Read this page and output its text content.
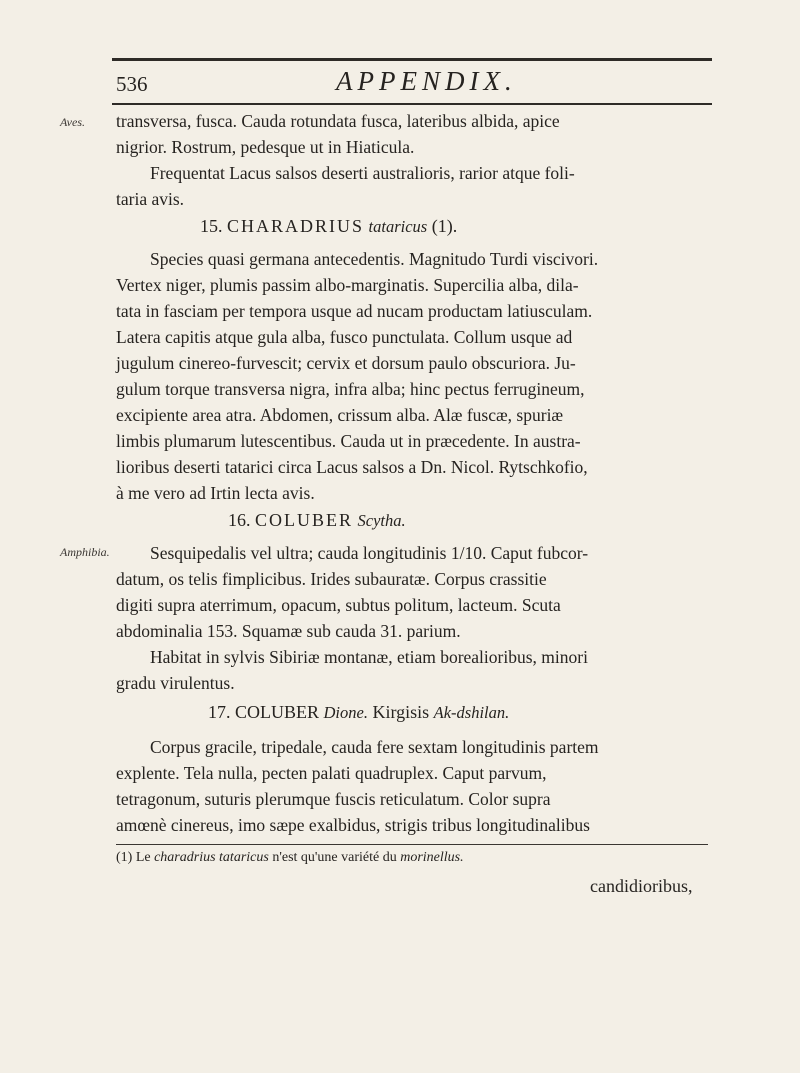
536	APPENDIX.
Aves.
Amphibia.
transversa, fusca. Cauda rotundata fusca, lateribus albida, apice
nigrior. Rostrum, pedesque ut in Hiaticula.
Frequentat Lacus salsos deserti australioris, rarior atque foli-
taria avis.
15. CHARADRIUS tataricus (1).
Species quasi germana antecedentis. Magnitudo Turdi viscivori.
Vertex niger, plumis passim albo-marginatis. Supercilia alba, dila-
tata in fasciam per tempora usque ad nucam productam latiusculam.
Latera capitis atque gula alba, fusco punctulata. Collum usque ad
jugulum cinereo-furvescit; cervix et dorsum paulo obscuriora. Ju-
gulum torque transversa nigra, infra alba; hinc pectus ferrugineum,
excipiente area atra. Abdomen, crissum alba. Alæ fuscæ, spuriæ
limbis plumarum lutescentibus. Cauda ut in præcedente. In austra-
lioribus deserti tatarici circa Lacus salsos a Dn. Nicol. Rytschkofio,
à me vero ad Irtin lecta avis.
16. COLUBER Scytha.
Sesquipedalis vel ultra; cauda longitudinis 1/10. Caput fubcor-
datum, os telis fimplicibus. Irides subauratæ. Corpus crassitie
digiti supra aterrimum, opacum, subtus politum, lacteum. Scuta
abdominalia 153. Squamæ sub cauda 31. parium.
Habitat in sylvis Sibiriæ montanæ, etiam borealioribus, minori
gradu virulentus.
17. COLUBER Dione. Kirgisis Ak-dshilan.
Corpus gracile, tripedale, cauda fere sextam longitudinis partem
explente. Tela nulla, pecten palati quadruplex. Caput parvum,
tetragonum, suturis plerumque fuscis reticulatum. Color supra
amœnè cinereus, imo sæpe exalbidus, strigis tribus longitudinalibus
(1) Le charadrius tataricus n'est qu'une variété du morinellus.
candidioribus,
